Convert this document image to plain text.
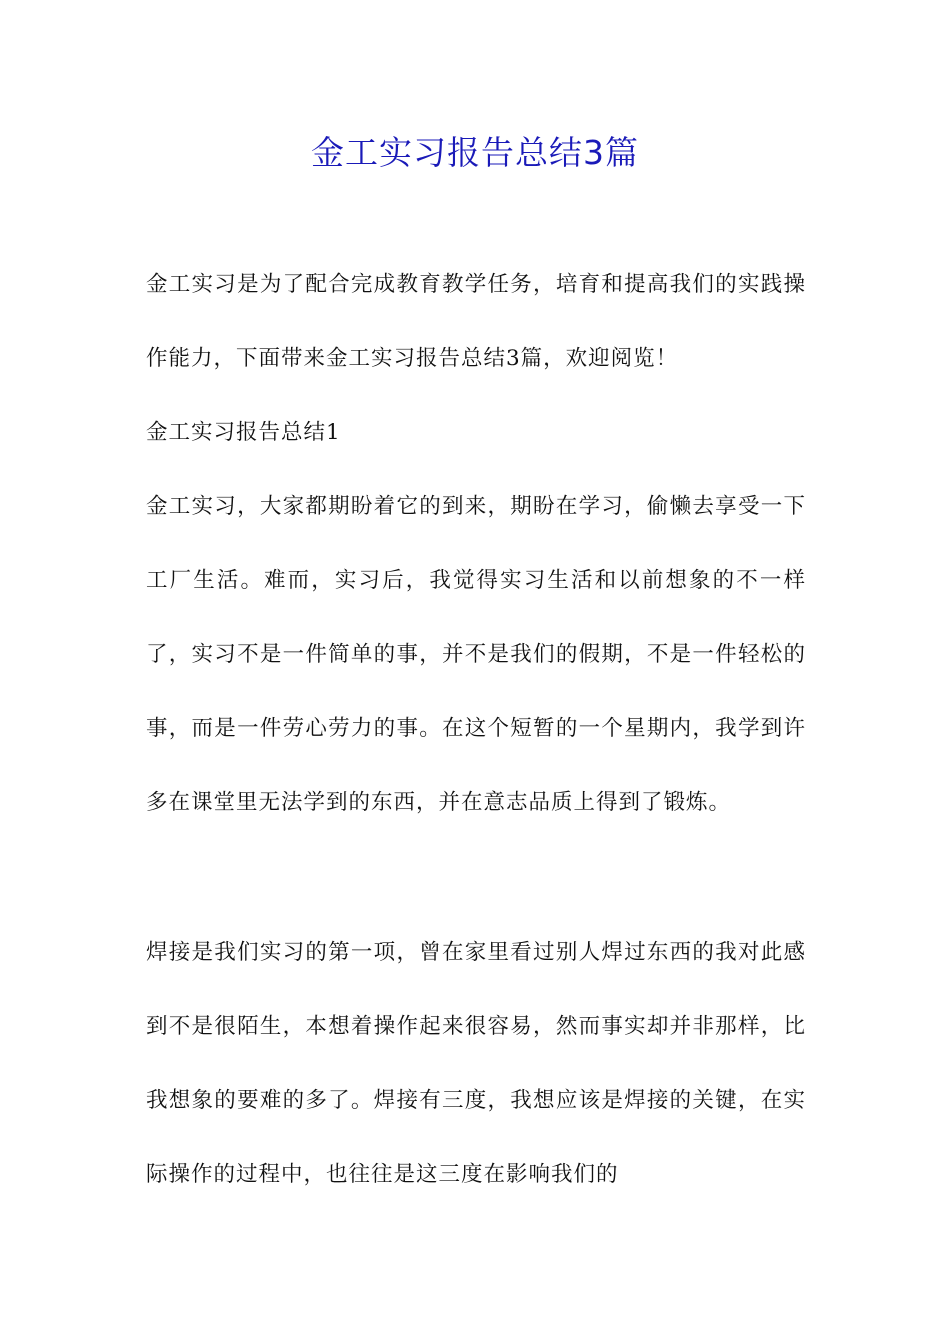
金工实习报告总结3篇

金工实习是为了配合完成教育教学任务，培育和提高我们的实践操作能力，下面带来金工实习报告总结3篇，欢迎阅览！

金工实习报告总结1

金工实习，大家都期盼着它的到来，期盼在学习，偷懒去享受一下工厂生活。难而，实习后，我觉得实习生活和以前想象的不一样了，实习不是一件简单的事，并不是我们的假期，不是一件轻松的事，而是一件劳心劳力的事。在这个短暂的一个星期内，我学到许多在课堂里无法学到的东西，并在意志品质上得到了锻炼。

焊接是我们实习的第一项，曾在家里看过别人焊过东西的我对此感到不是很陌生，本想着操作起来很容易，然而事实却并非那样，比我想象的要难的多了。焊接有三度，我想应该是焊接的关键，在实际操作的过程中，也往往是这三度在影响我们的
